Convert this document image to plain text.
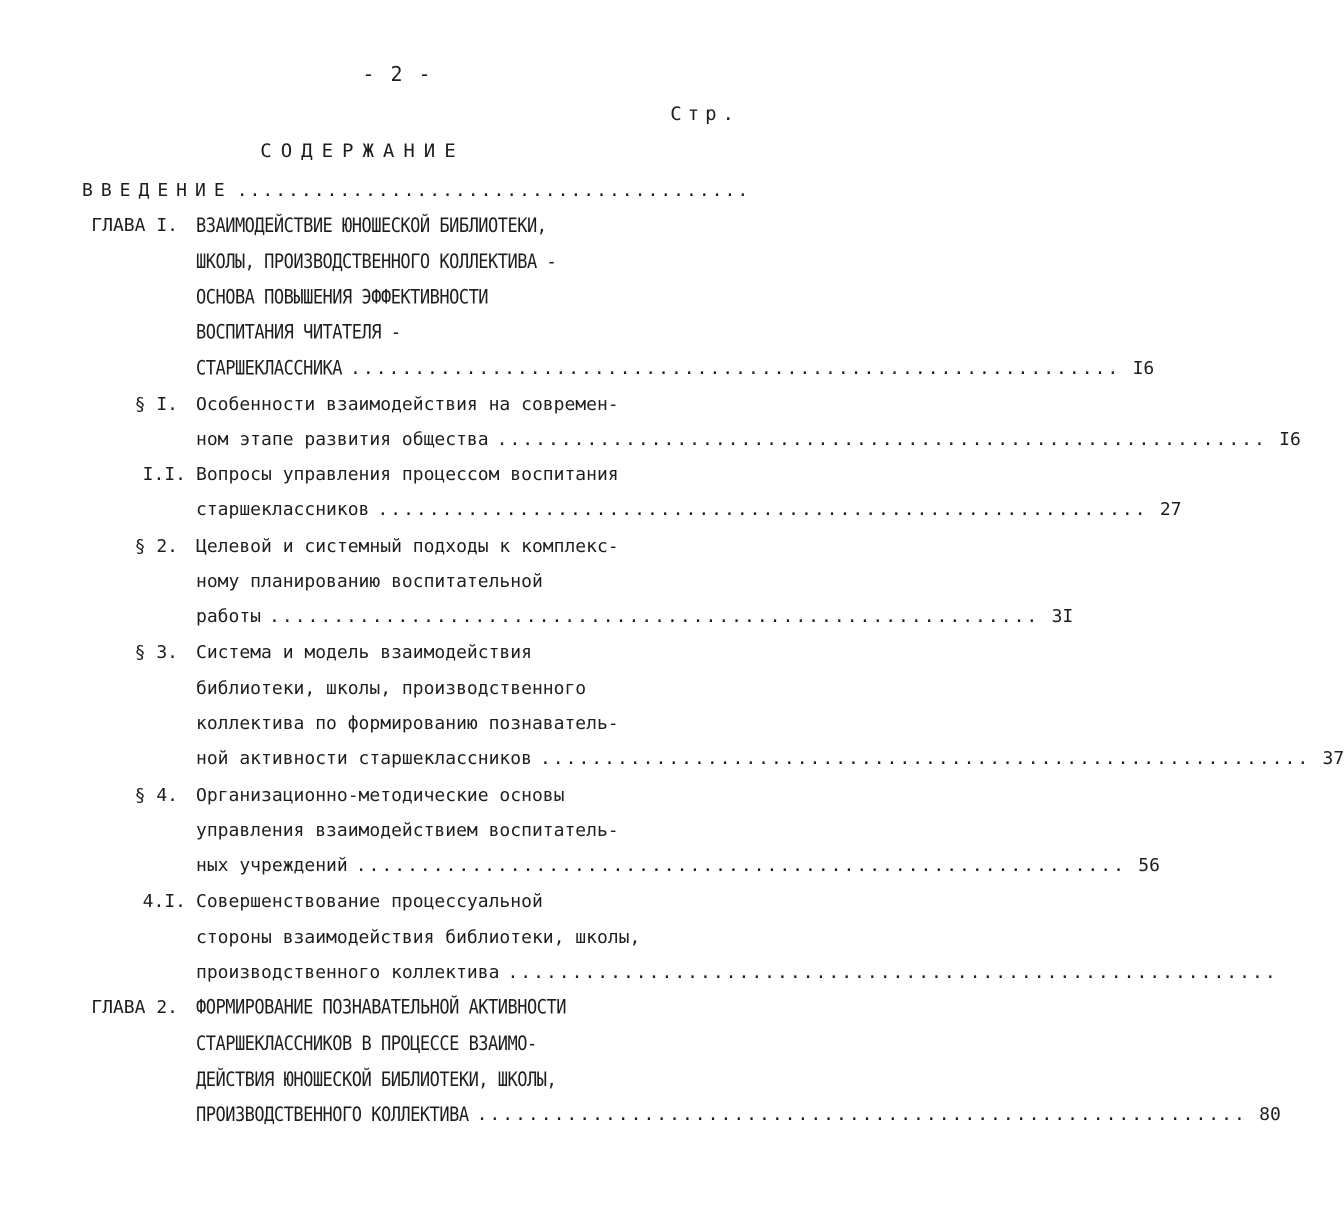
- 2 -
Стр.
СОДЕРЖАНИЕ
ВВЕДЕНИЕ ........................................
ГЛАВА I. ВЗАИМОДЕЙСТВИЕ ЮНОШЕСКОЙ БИБЛИОТЕКИ,
ШКОЛЫ, ПРОИЗВОДСТВЕННОГО КОЛЛЕКТИВА -
ОСНОВА ПОВЫШЕНИЯ ЭФФЕКТИВНОСТИ
ВОСПИТАНИЯ ЧИТАТЕЛЯ -
СТАРШЕКЛАССНИКА ............................................................ I6
§ I. Особенности взаимодействия на современ-
ном этапе развития общества ............................................................ I6
I.I. Вопросы управления процессом воспитания
старшеклассников ............................................................ 27
§ 2. Целевой и системный подходы к комплекс-
ному планированию воспитательной
работы ............................................................ 3I
§ 3. Система и модель взаимодействия
библиотеки, школы, производственного
коллектива по формированию познаватель-
ной активности старшеклассников ............................................................ 37
§ 4. Организационно-методические основы
управления взаимодействием воспитатель-
ных учреждений ............................................................ 56
4.I. Совершенствование процессуальной
стороны взаимодействия библиотеки, школы,
производственного коллектива ............................................................
ГЛАВА 2. ФОРМИРОВАНИЕ ПОЗНАВАТЕЛЬНОЙ АКТИВНОСТИ
СТАРШЕКЛАССНИКОВ В ПРОЦЕССЕ ВЗАИМО-
ДЕЙСТВИЯ ЮНОШЕСКОЙ БИБЛИОТЕКИ, ШКОЛЫ,
ПРОИЗВОДСТВЕННОГО КОЛЛЕКТИВА ............................................................ 80
